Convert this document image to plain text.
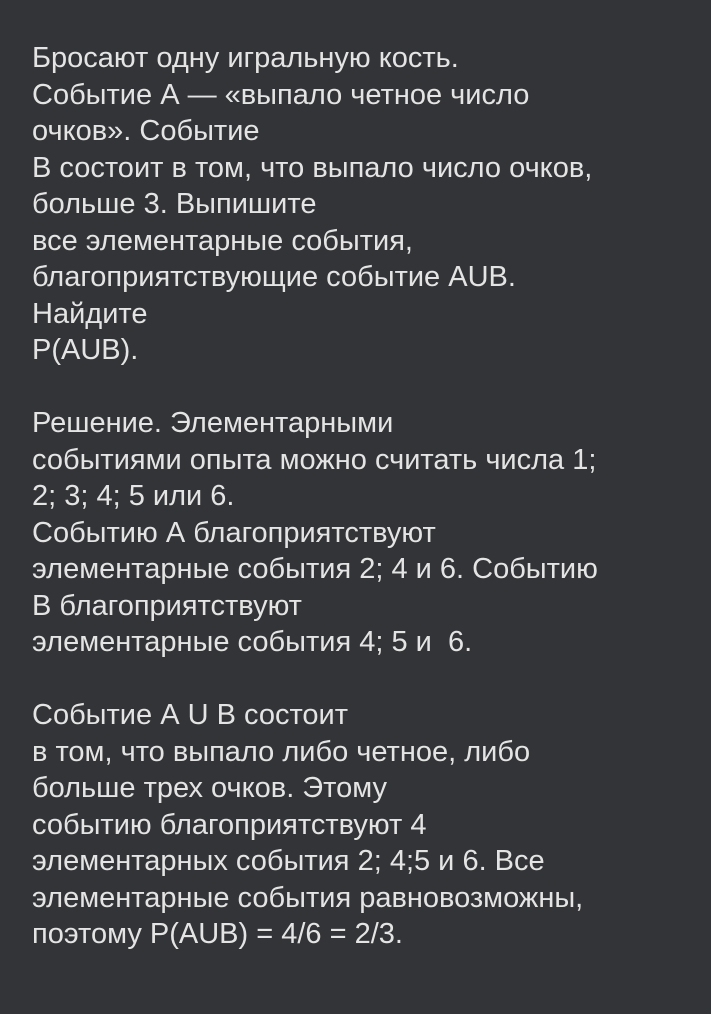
Бросают одну игральную кость.
Событие А — «выпало четное число
очков». Событие
В состоит в том, что выпало число очков,
больше 3. Выпишите
все элементарные события,
благоприятствующие событие AUB.
Найдите
P(AUB).
Решение. Элементарными
событиями опыта можно считать числа 1;
2; 3; 4; 5 или 6.
Событию А благоприятствуют
элементарные события 2; 4 и 6. Событию
В благоприятствуют
элементарные события 4; 5 и  6.
Событие А U В состоит
в том, что выпало либо четное, либо
больше трех очков. Этому
событию благоприятствуют 4
элементарных события 2; 4;5 и 6. Все
элементарные события равновозможны,
поэтому P(AUB) = 4/6 = 2/3.
